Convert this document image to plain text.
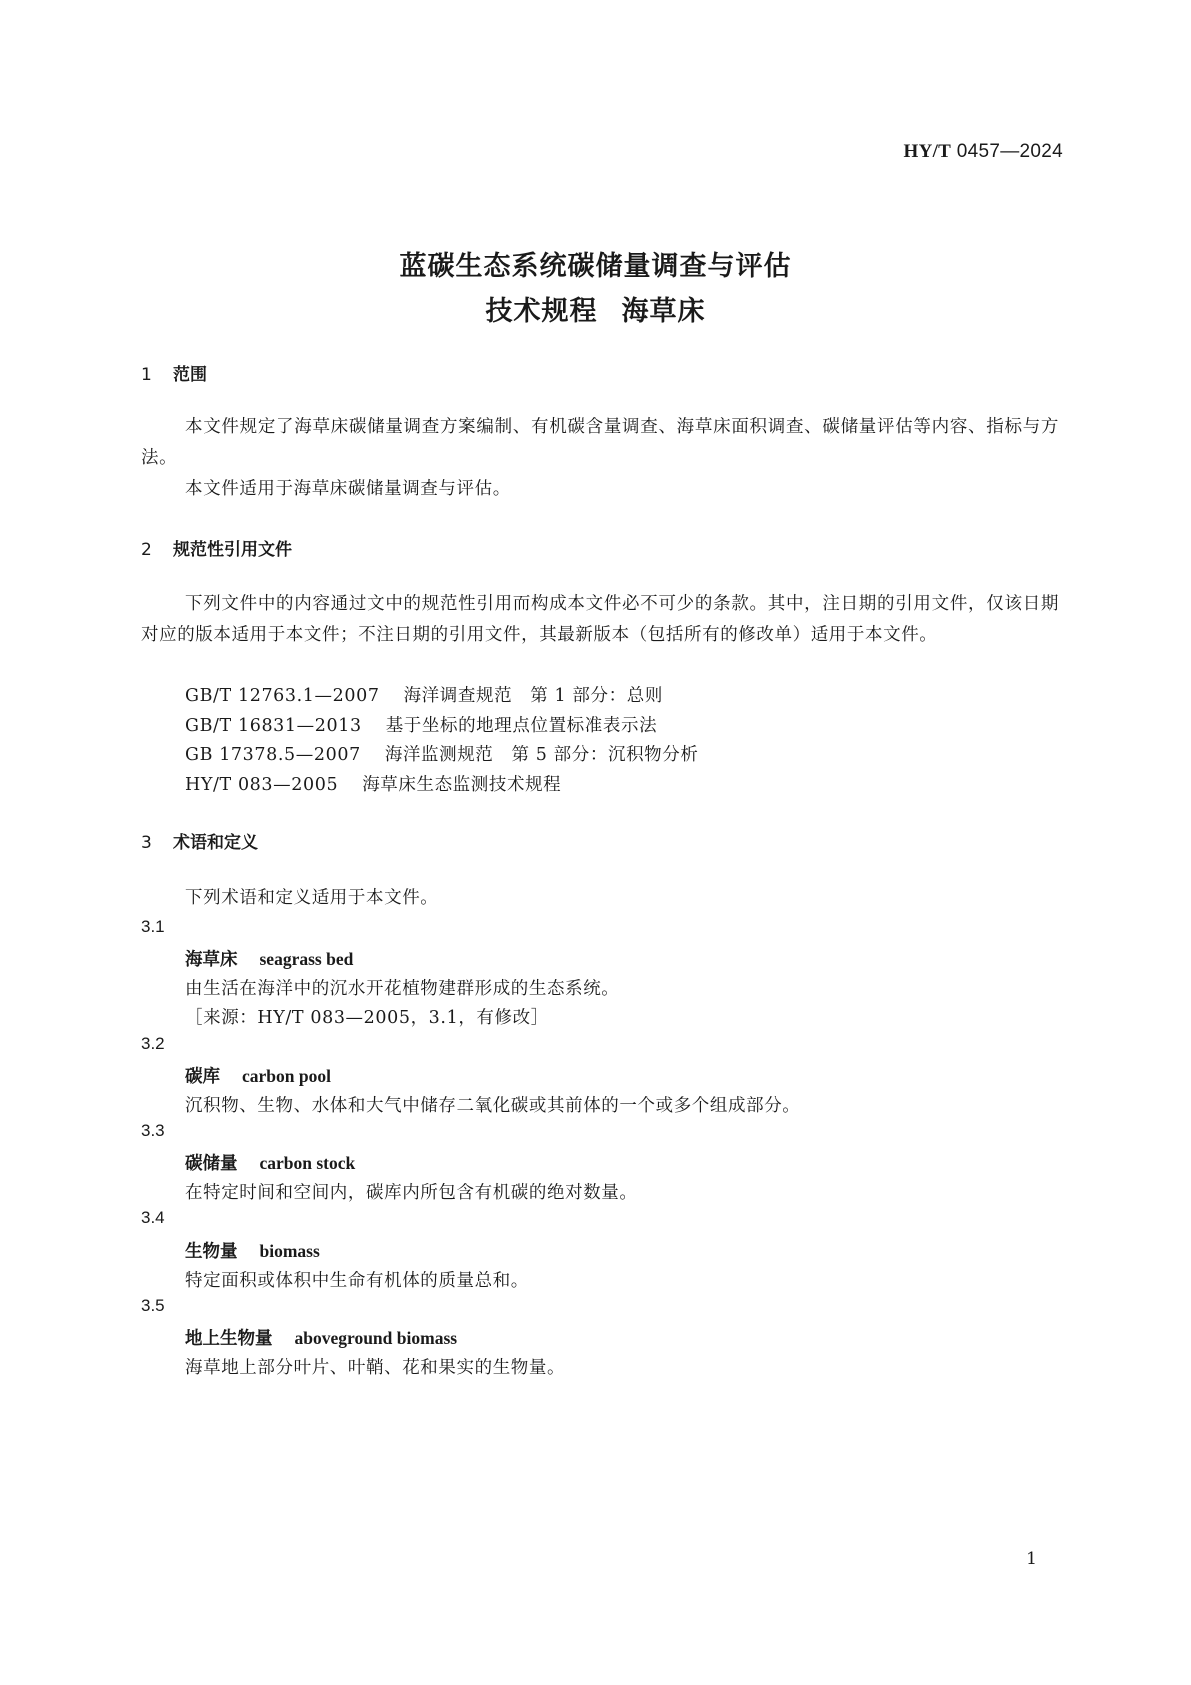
HY/T 0457—2024
蓝碳生态系统碳储量调查与评估
技术规程 海草床
1 范围
本文件规定了海草床碳储量调查方案编制、有机碳含量调查、海草床面积调查、碳储量评估等内容、指标与方法。
本文件适用于海草床碳储量调查与评估。
2 规范性引用文件
下列文件中的内容通过文中的规范性引用而构成本文件必不可少的条款。其中，注日期的引用文件，仅该日期对应的版本适用于本文件；不注日期的引用文件，其最新版本（包括所有的修改单）适用于本文件。
GB/T 12763.1—2007 海洋调查规范　第 1 部分：总则
GB/T 16831—2013 基于坐标的地理点位置标准表示法
GB 17378.5—2007 海洋监测规范　第 5 部分：沉积物分析
HY/T 083—2005 海草床生态监测技术规程
3 术语和定义
下列术语和定义适用于本文件。
3.1
海草床 seagrass bed
由生活在海洋中的沉水开花植物建群形成的生态系统。
［来源：HY/T 083—2005，3.1，有修改］
3.2
碳库 carbon pool
沉积物、生物、水体和大气中储存二氧化碳或其前体的一个或多个组成部分。
3.3
碳储量 carbon stock
在特定时间和空间内，碳库内所包含有机碳的绝对数量。
3.4
生物量 biomass
特定面积或体积中生命有机体的质量总和。
3.5
地上生物量 aboveground biomass
海草地上部分叶片、叶鞘、花和果实的生物量。
1
